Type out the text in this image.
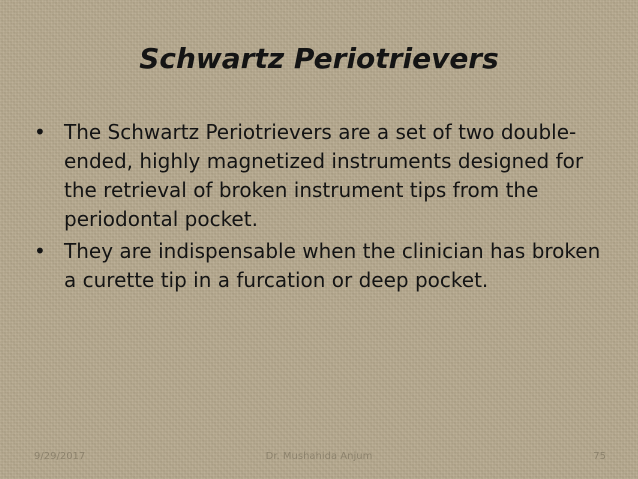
Schwartz Periotrievers
• The Schwartz Periotrievers are a set of two double-ended, highly magnetized instruments designed for the retrieval of broken instrument tips from the periodontal pocket.
• They are indispensable when the clinician has broken a curette tip in a furcation or deep pocket.
9/29/2017	Dr. Mushahida Anjum	75
